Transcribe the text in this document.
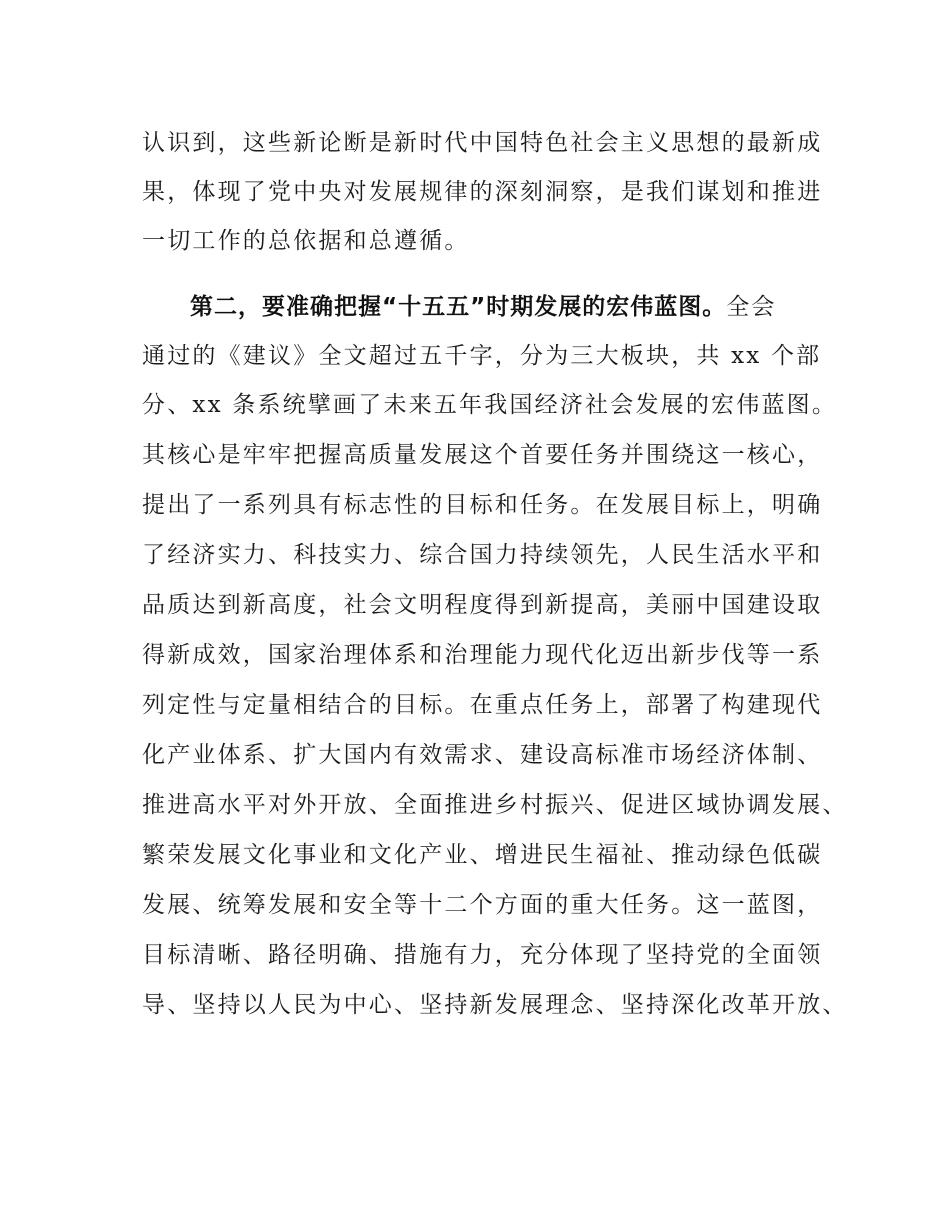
认识到，这些新论断是新时代中国特色社会主义思想的最新成
果，体现了党中央对发展规律的深刻洞察，是我们谋划和推进
一切工作的总依据和总遵循。
第二，要准确把握“十五五”时期发展的宏伟蓝图。全会
通过的《建议》全文超过五千字，分为三大板块，共 xx 个部
分、xx 条系统擘画了未来五年我国经济社会发展的宏伟蓝图。
其核心是牢牢把握高质量发展这个首要任务并围绕这一核心，
提出了一系列具有标志性的目标和任务。在发展目标上，明确
了经济实力、科技实力、综合国力持续领先，人民生活水平和
品质达到新高度，社会文明程度得到新提高，美丽中国建设取
得新成效，国家治理体系和治理能力现代化迈出新步伐等一系
列定性与定量相结合的目标。在重点任务上，部署了构建现代
化产业体系、扩大国内有效需求、建设高标准市场经济体制、
推进高水平对外开放、全面推进乡村振兴、促进区域协调发展、
繁荣发展文化事业和文化产业、增进民生福祉、推动绿色低碳
发展、统筹发展和安全等十二个方面的重大任务。这一蓝图，
目标清晰、路径明确、措施有力，充分体现了坚持党的全面领
导、坚持以人民为中心、坚持新发展理念、坚持深化改革开放、
